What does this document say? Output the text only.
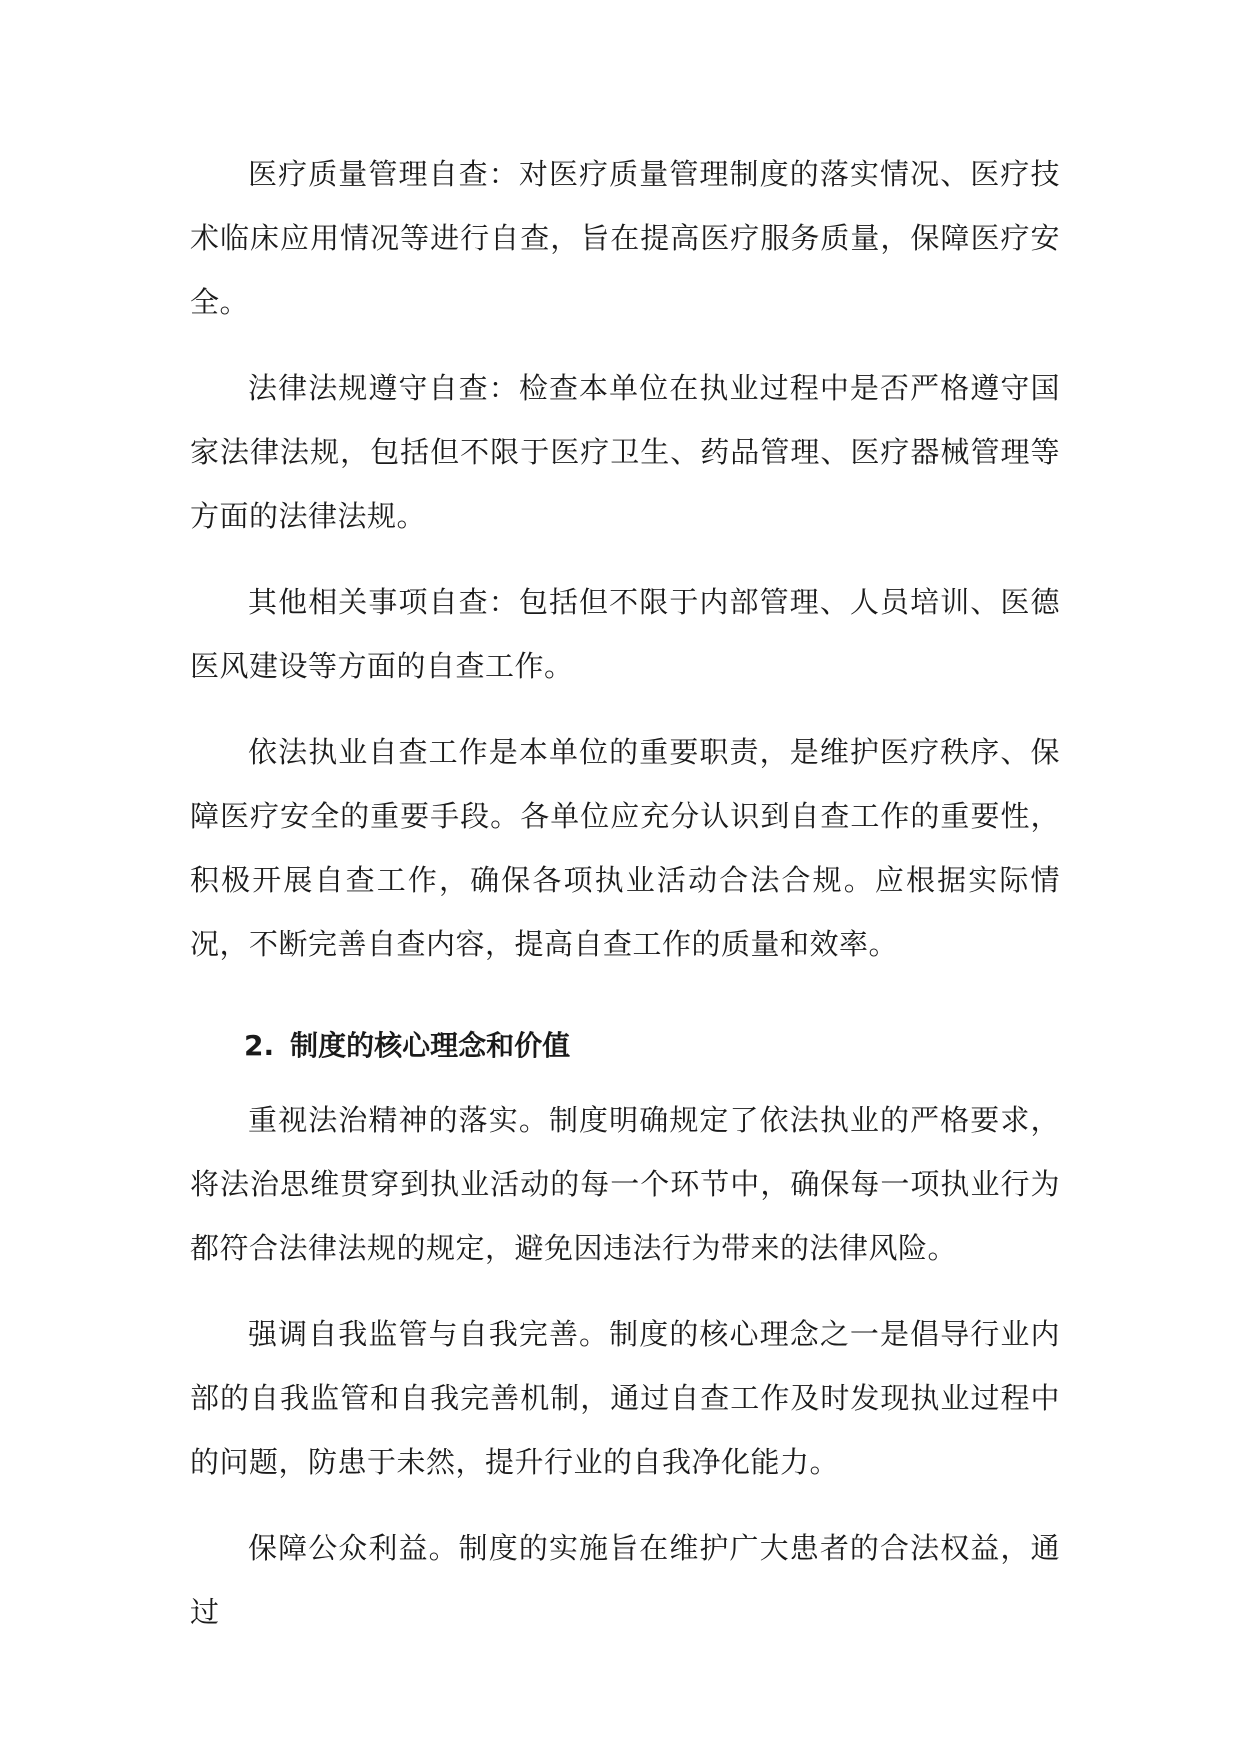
医疗质量管理自查：对医疗质量管理制度的落实情况、医疗技术临床应用情况等进行自查，旨在提高医疗服务质量，保障医疗安全。

法律法规遵守自查：检查本单位在执业过程中是否严格遵守国家法律法规，包括但不限于医疗卫生、药品管理、医疗器械管理等方面的法律法规。

其他相关事项自查：包括但不限于内部管理、人员培训、医德医风建设等方面的自查工作。

依法执业自查工作是本单位的重要职责，是维护医疗秩序、保障医疗安全的重要手段。各单位应充分认识到自查工作的重要性，积极开展自查工作，确保各项执业活动合法合规。应根据实际情况，不断完善自查内容，提高自查工作的质量和效率。

2. 制度的核心理念和价值

重视法治精神的落实。制度明确规定了依法执业的严格要求，将法治思维贯穿到执业活动的每一个环节中，确保每一项执业行为都符合法律法规的规定，避免因违法行为带来的法律风险。

强调自我监管与自我完善。制度的核心理念之一是倡导行业内部的自我监管和自我完善机制，通过自查工作及时发现执业过程中的问题，防患于未然，提升行业的自我净化能力。

保障公众利益。制度的实施旨在维护广大患者的合法权益，通过
